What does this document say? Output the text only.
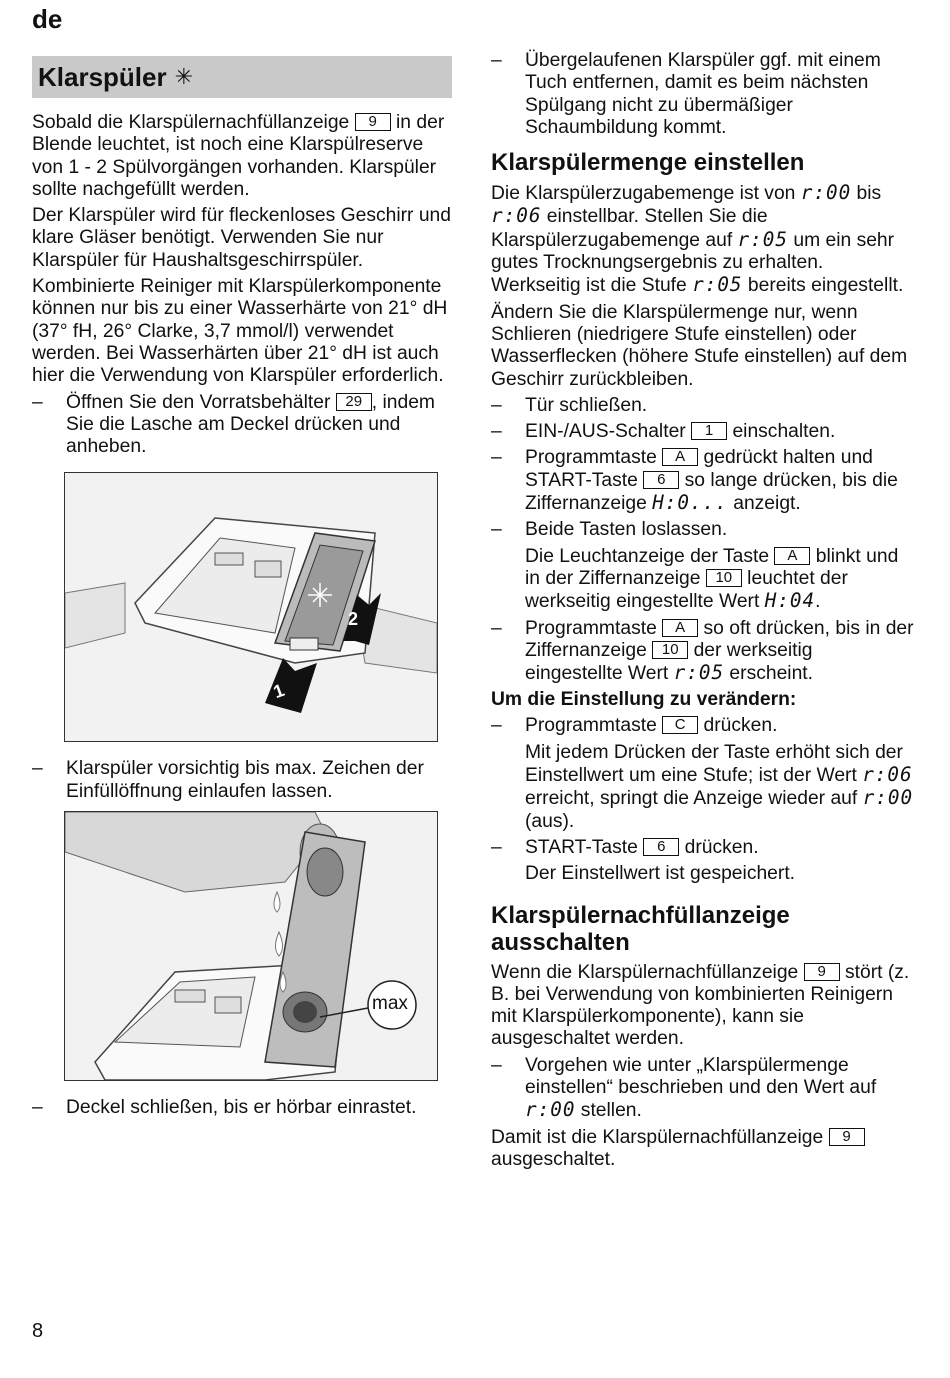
de
Klarspüler ✳

Sobald die Klarspülernachfüllanzeige 9 in der Blende leuchtet, ist noch eine Klarspülreserve von 1 - 2 Spülvorgängen vorhanden. Klarspüler sollte nachgefüllt werden.

Der Klarspüler wird für fleckenloses Geschirr und klare Gläser benötigt. Verwenden Sie nur Klarspüler für Haushaltsgeschirrspüler.

Kombinierte Reiniger mit Klarspülerkomponente können nur bis zu einer Wasserhärte von 21° dH (37° fH, 26° Clarke, 3,7 mmol/l) verwendet werden. Bei Wasserhärten über 21° dH ist auch hier die Verwendung von Klarspüler erforderlich.

– Öffnen Sie den Vorratsbehälter 29 , indem Sie die Lasche am Deckel drücken und anheben.
1
2
– Klarspüler vorsichtig bis max. Zeichen der Einfüllöffnung einlaufen lassen.
max
– Deckel schließen, bis er hörbar einrastet.
– Übergelaufenen Klarspüler ggf. mit einem Tuch entfernen, damit es beim nächsten Spülgang nicht zu übermäßiger Schaumbildung kommt.
Klarspülermenge einstellen

Die Klarspülerzugabemenge ist von r:00 bis r:06 einstellbar. Stellen Sie die Klarspülerzugabemenge auf r:05 um ein sehr gutes Trocknungsergebnis zu erhalten. Werkseitig ist die Stufe r:05 bereits eingestellt.

Ändern Sie die Klarspülermenge nur, wenn Schlieren (niedrigere Stufe einstellen) oder Wasserflecken (höhere Stufe einstellen) auf dem Geschirr zurückbleiben.

– Tür schließen.
– EIN-/AUS-Schalter 1 einschalten.
– Programmtaste A gedrückt halten und START-Taste 6 so lange drücken, bis die Ziffernanzeige H:0... anzeigt.
– Beide Tasten loslassen.
Die Leuchtanzeige der Taste A blinkt und in der Ziffernanzeige 10 leuchtet der werkseitig eingestellte Wert H:04.
– Programmtaste A so oft drücken, bis in der Ziffernanzeige 10 der werkseitig eingestellte Wert r:05 erscheint.
Um die Einstellung zu verändern:
– Programmtaste C drücken.
Mit jedem Drücken der Taste erhöht sich der Einstellwert um eine Stufe; ist der Wert r:06 erreicht, springt die Anzeige wieder auf r:00 (aus).
– START-Taste 6 drücken.
Der Einstellwert ist gespeichert.
Klarspülernachfüllanzeige ausschalten

Wenn die Klarspülernachfüllanzeige 9 stört (z. B. bei Verwendung von kombinierten Reinigern mit Klarspülerkomponente), kann sie ausgeschaltet werden.

– Vorgehen wie unter „Klarspülermenge einstellen“ beschrieben und den Wert auf r:00 stellen.

Damit ist die Klarspülernachfüllanzeige 9 ausgeschaltet.

8
